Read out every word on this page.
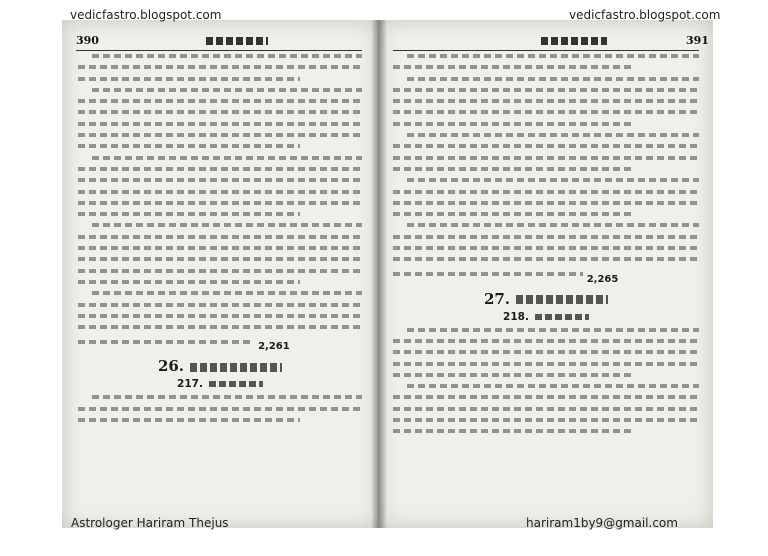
vedicfastro.blogspot.com	vedicfastro.blogspot.com
390	391
2,261
26.
217.
2,265
27.
218.
Astrologer Hariram Thejus	hariram1by9@gmail.com
